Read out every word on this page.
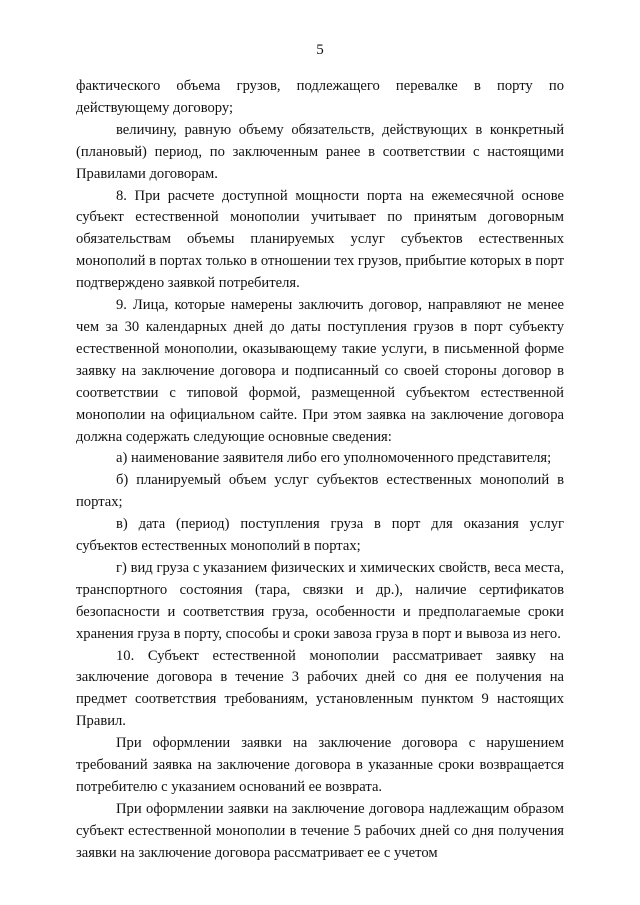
5

фактического объема грузов, подлежащего перевалке в порту по действующему договору;

величину, равную объему обязательств, действующих в конкретный (плановый) период, по заключенным ранее в соответствии с настоящими Правилами договорам.

8. При расчете доступной мощности порта на ежемесячной основе субъект естественной монополии учитывает по принятым договорным обязательствам объемы планируемых услуг субъектов естественных монополий в портах только в отношении тех грузов, прибытие которых в порт подтверждено заявкой потребителя.

9. Лица, которые намерены заключить договор, направляют не менее чем за 30 календарных дней до даты поступления грузов в порт субъекту естественной монополии, оказывающему такие услуги, в письменной форме заявку на заключение договора и подписанный со своей стороны договор в соответствии с типовой формой, размещенной субъектом естественной монополии на официальном сайте. При этом заявка на заключение договора должна содержать следующие основные сведения:

а) наименование заявителя либо его уполномоченного представителя;

б) планируемый объем услуг субъектов естественных монополий в портах;

в) дата (период) поступления груза в порт для оказания услуг субъектов естественных монополий в портах;

г) вид груза с указанием физических и химических свойств, веса места, транспортного состояния (тара, связки и др.), наличие сертификатов безопасности и соответствия груза, особенности и предполагаемые сроки хранения груза в порту, способы и сроки завоза груза в порт и вывоза из него.

10. Субъект естественной монополии рассматривает заявку на заключение договора в течение 3 рабочих дней со дня ее получения на предмет соответствия требованиям, установленным пунктом 9 настоящих Правил.

При оформлении заявки на заключение договора с нарушением требований заявка на заключение договора в указанные сроки возвращается потребителю с указанием оснований ее возврата.

При оформлении заявки на заключение договора надлежащим образом субъект естественной монополии в течение 5 рабочих дней со дня получения заявки на заключение договора рассматривает ее с учетом
